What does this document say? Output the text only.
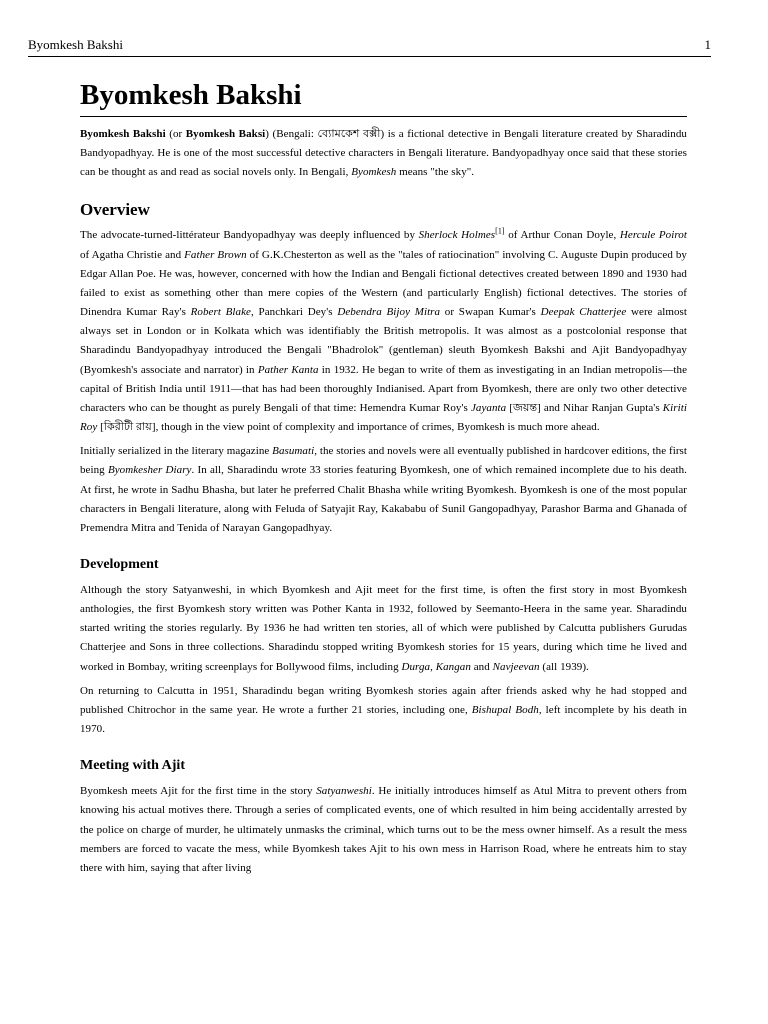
Byomkesh Bakshi	1
Byomkesh Bakshi

Byomkesh Bakshi (or Byomkesh Baksi) (Bengali: ব্যোমকেশ বক্সী) is a fictional detective in Bengali literature created by Sharadindu Bandyopadhyay. He is one of the most successful detective characters in Bengali literature. Bandyopadhyay once said that these stories can be thought as and read as social novels only. In Bengali, Byomkesh means "the sky".

Overview

The advocate-turned-littérateur Bandyopadhyay was deeply influenced by Sherlock Holmes[1] of Arthur Conan Doyle, Hercule Poirot of Agatha Christie and Father Brown of G.K.Chesterton as well as the "tales of ratiocination" involving C. Auguste Dupin produced by Edgar Allan Poe. He was, however, concerned with how the Indian and Bengali fictional detectives created between 1890 and 1930 had failed to exist as something other than mere copies of the Western (and particularly English) fictional detectives. The stories of Dinendra Kumar Ray's Robert Blake, Panchkari Dey's Debendra Bijoy Mitra or Swapan Kumar's Deepak Chatterjee were almost always set in London or in Kolkata which was identifiably the British metropolis. It was almost as a postcolonial response that Sharadindu Bandyopadhyay introduced the Bengali "Bhadrolok" (gentleman) sleuth Byomkesh Bakshi and Ajit Bandyopadhyay (Byomkesh's associate and narrator) in Pather Kanta in 1932. He began to write of them as investigating in an Indian metropolis—the capital of British India until 1911—that has had been thoroughly Indianised. Apart from Byomkesh, there are only two other detective characters who can be thought as purely Bengali of that time: Hemendra Kumar Roy's Jayanta [জয়ন্ত] and Nihar Ranjan Gupta's Kiriti Roy [কিরীটী রায়], though in the view point of complexity and importance of crimes, Byomkesh is much more ahead.

Initially serialized in the literary magazine Basumati, the stories and novels were all eventually published in hardcover editions, the first being Byomkesher Diary. In all, Sharadindu wrote 33 stories featuring Byomkesh, one of which remained incomplete due to his death. At first, he wrote in Sadhu Bhasha, but later he preferred Chalit Bhasha while writing Byomkesh. Byomkesh is one of the most popular characters in Bengali literature, along with Feluda of Satyajit Ray, Kakababu of Sunil Gangopadhyay, Parashor Barma and Ghanada of Premendra Mitra and Tenida of Narayan Gangopadhyay.

Development

Although the story Satyanweshi, in which Byomkesh and Ajit meet for the first time, is often the first story in most Byomkesh anthologies, the first Byomkesh story written was Pother Kanta in 1932, followed by Seemanto-Heera in the same year. Sharadindu started writing the stories regularly. By 1936 he had written ten stories, all of which were published by Calcutta publishers Gurudas Chatterjee and Sons in three collections. Sharadindu stopped writing Byomkesh stories for 15 years, during which time he lived and worked in Bombay, writing screenplays for Bollywood films, including Durga, Kangan and Navjeevan (all 1939).

On returning to Calcutta in 1951, Sharadindu began writing Byomkesh stories again after friends asked why he had stopped and published Chitrochor in the same year. He wrote a further 21 stories, including one, Bishupal Bodh, left incomplete by his death in 1970.

Meeting with Ajit

Byomkesh meets Ajit for the first time in the story Satyanweshi. He initially introduces himself as Atul Mitra to prevent others from knowing his actual motives there. Through a series of complicated events, one of which resulted in him being accidentally arrested by the police on charge of murder, he ultimately unmasks the criminal, which turns out to be the mess owner himself. As a result the mess members are forced to vacate the mess, while Byomkesh takes Ajit to his own mess in Harrison Road, where he entreats him to stay there with him, saying that after living
